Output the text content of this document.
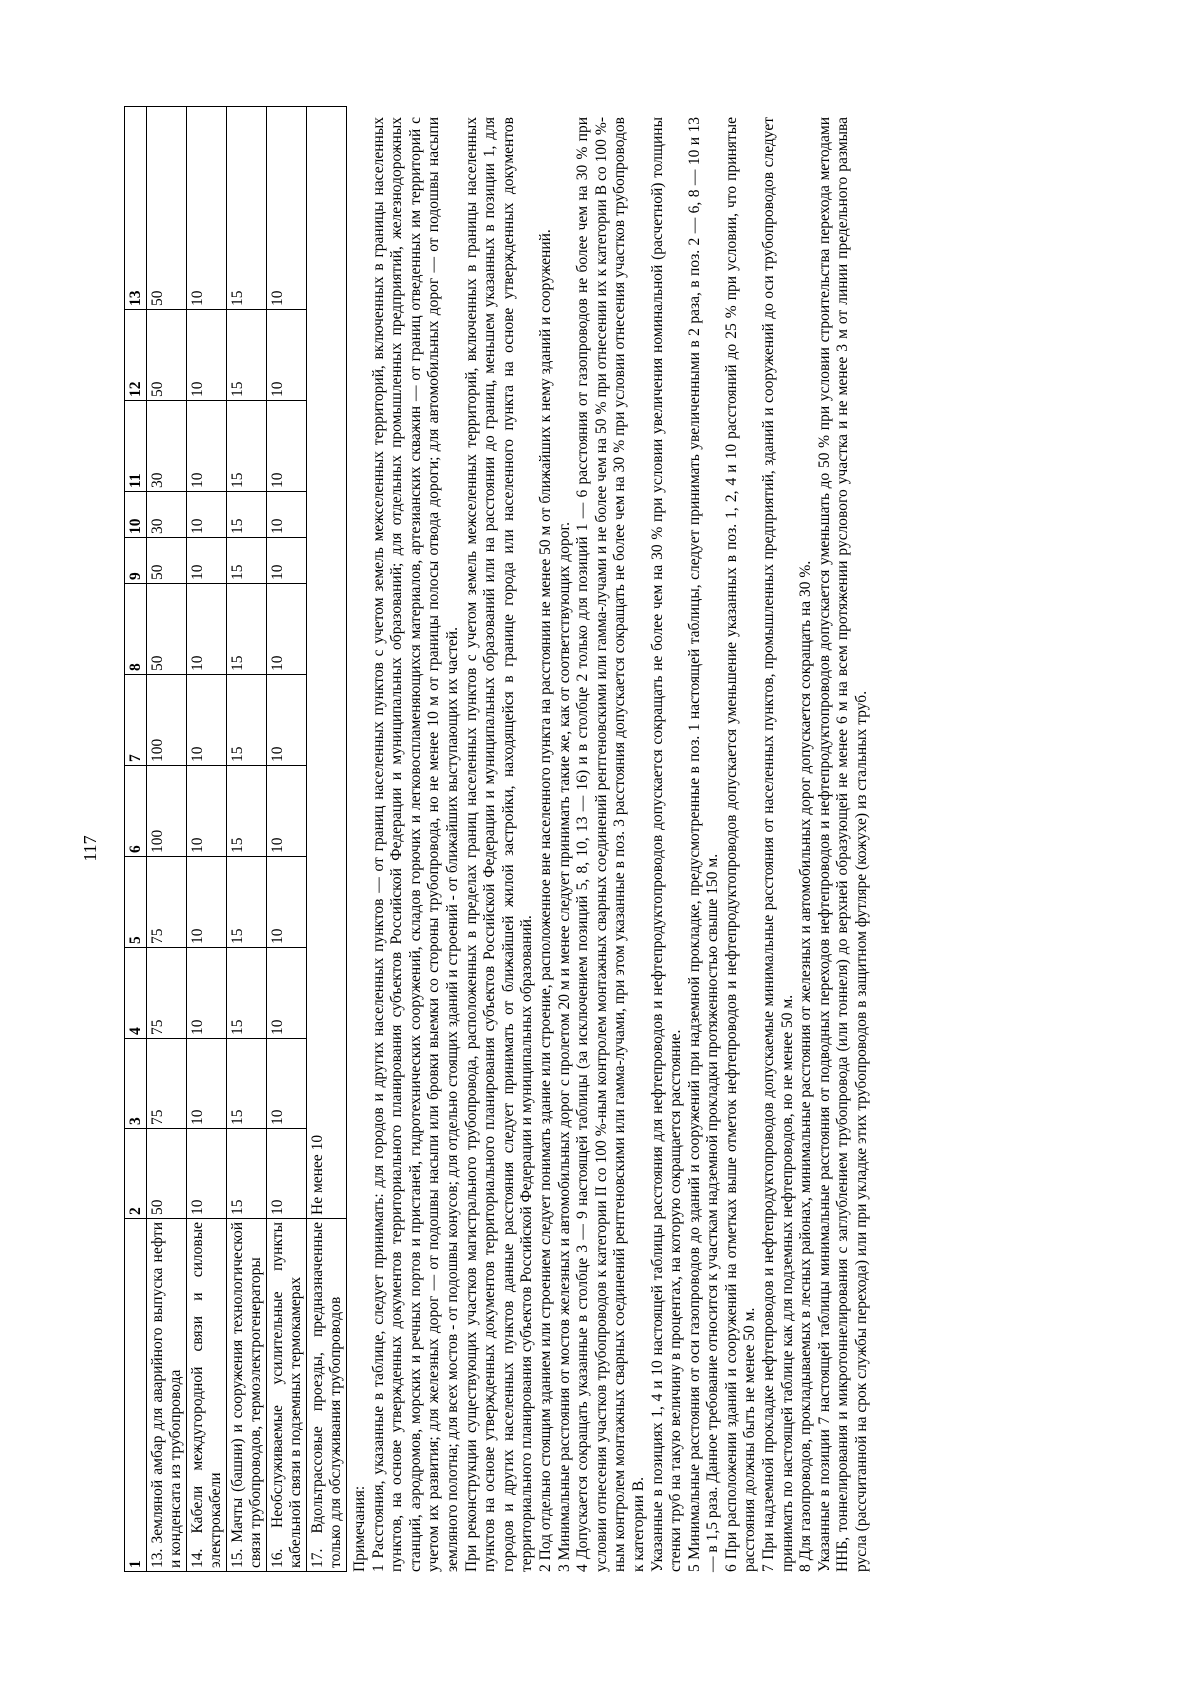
117
1	2	3	4	5	6	7	8	9	10	11	12	13
13. Земляной амбар для аварийного выпуска нефти и конденсата из трубопровода	50	75	75	75	100	100	50	50	30	30	50	50
14. Кабели междугородной связи и силовые электрокабели	10	10	10	10	10	10	10	10	10	10	10	10
15. Мачты (башни) и сооружения технологической связи трубопроводов, термоэлектрогенераторы	15	15	15	15	15	15	15	15	15	15	15	15
16. Необслуживаемые усилительные пункты кабельной связи в подземных термокамерах	10	10	10	10	10	10	10	10	10	10	10	10
17. Вдольтрассовые проезды, предназначенные только для обслуживания трубопроводов	Не менее 10											

Примечания: 1 Расстояния, указанные в таблице, следует принимать: для городов и других населенных пунктов — от границ населенных пунктов с учетом земель межселенных территорий, включенных в границы населенных пунктов, на основе утвержденных документов территориального планирования субъектов Российской Федерации и муниципальных образований; для отдельных промышленных предприятий, железнодорожных станций, аэродромов, морских и речных портов и пристаней, гидротехнических сооружений, складов горючих и легковоспламеняющихся материалов, артезианских скважин — от границ отведенных им территорий с учетом их развития; для железных дорог — от подошвы насыпи или бровки выемки со стороны трубопровода, но не менее 10 м от границы полосы отвода дороги; для автомобильных дорог — от подошвы насыпи земляного полотна; для всех мостов - от подошвы конусов; для отдельно стоящих зданий и строений - от ближайших выступающих их частей. При реконструкции существующих участков магистрального трубопровода, расположенных в пределах границ населенных пунктов с учетом земель межселенных территорий, включенных в границы населенных пунктов на основе утвержденных документов территориального планирования субъектов Российской Федерации и муниципальных образований или на расстоянии до границ, меньшем указанных в позиции 1, для городов и других населенных пунктов данные расстояния следует принимать от ближайшей жилой застройки, находящейся в границе города или населенного пункта на основе утвержденных документов территориального планирования субъектов Российской Федерации и муниципальных образований. 2 Под отдельно стоящим зданием или строением следует понимать здание или строение, расположенное вне населенного пункта на расстоянии не менее 50 м от ближайших к нему зданий и сооружений. 3 Минимальные расстояния от мостов железных и автомобильных дорог с пролетом 20 м и менее следует принимать такие же, как от соответствующих дорог. 4 Допускается сокращать указанные в столбце 3 — 9 настоящей таблицы (за исключением позиций 5, 8, 10, 13 — 16) и в столбце 2 только для позиций 1 — 6 расстояния от газопроводов не более чем на 30 % при условии отнесения участков трубопроводов к категории II со 100 %-ным контролем монтажных сварных соединений рентгеновскими или гамма-лучами и не более чем на 50 % при отнесении их к категории В со 100 %-ным контролем монтажных сварных соединений рентгеновскими или гамма-лучами, при этом указанные в поз. 3 расстояния допускается сокращать не более чем на 30 % при условии отнесения участков трубопроводов к категории В. Указанные в позициях 1, 4 и 10 настоящей таблицы расстояния для нефтепроводов и нефтепродуктопроводов допускается сокращать не более чем на 30 % при условии увеличения номинальной (расчетной) толщины стенки труб на такую величину в процентах, на которую сокращается расстояние. 5 Минимальные расстояния от оси газопроводов до зданий и сооружений при надземной прокладке, предусмотренные в поз. 1 настоящей таблицы, следует принимать увеличенными в 2 раза, в поз. 2 — 6, 8 — 10 и 13 — в 1,5 раза. Данное требование относится к участкам надземной прокладки протяженностью свыше 150 м. 6 При расположении зданий и сооружений на отметках выше отметок нефтепроводов и нефтепродуктопроводов допускается уменьшение указанных в поз. 1, 2, 4 и 10 расстояний до 25 % при условии, что принятые расстояния должны быть не менее 50 м. 7 При надземной прокладке нефтепроводов и нефтепродуктопроводов допускаемые минимальные расстояния от населенных пунктов, промышленных предприятий, зданий и сооружений до оси трубопроводов следует принимать по настоящей таблице как для подземных нефтепроводов, но не менее 50 м. 8 Для газопроводов, прокладываемых в лесных районах, минимальные расстояния от железных и автомобильных дорог допускается сокращать на 30 %. Указанные в позиции 7 настоящей таблицы минимальные расстояния от подводных переходов нефтепроводов и нефтепродуктопроводов допускается уменьшать до 50 % при условии строительства перехода методами ННБ, тоннелирования и микротоннелирования с заглублением трубопровода (или тоннеля) до верхней образующей не менее 6 м на всем протяжении руслового участка и не менее 3 м от линии предельного размыва русла (рассчитанной на срок службы перехода) или при укладке этих трубопроводов в защитном футляре (кожухе) из стальных труб.
